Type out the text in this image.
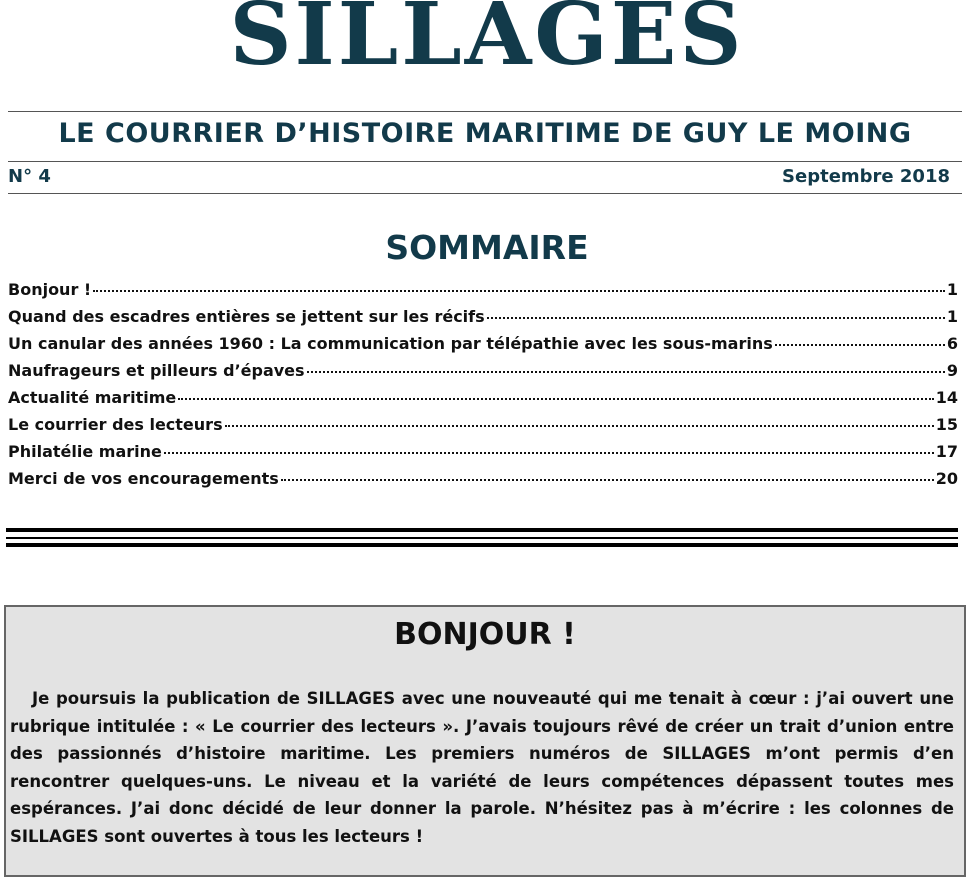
SILLAGES
LE COURRIER D’HISTOIRE MARITIME DE GUY LE MOING
N° 4	Septembre 2018
SOMMAIRE
Bonjour !	1
Quand des escadres entières se jettent sur les récifs	1
Un canular des années 1960 : La communication par télépathie avec les sous-marins	6
Naufrageurs et pilleurs d’épaves	9
Actualité maritime	14
Le courrier des lecteurs	15
Philatélie marine	17
Merci de vos encouragements	20
BONJOUR !

Je poursuis la publication de SILLAGES avec une nouveauté qui me tenait à cœur : j’ai ouvert une rubrique intitulée : « Le courrier des lecteurs ». J’avais toujours rêvé de créer un trait d’union entre des passionnés d’histoire maritime. Les premiers numéros de SILLAGES m’ont permis d’en rencontrer quelques-uns. Le niveau et la variété de leurs compétences dépassent toutes mes espérances. J’ai donc décidé de leur donner la parole. N’hésitez pas à m’écrire : les colonnes de SILLAGES sont ouvertes à tous les lecteurs !
